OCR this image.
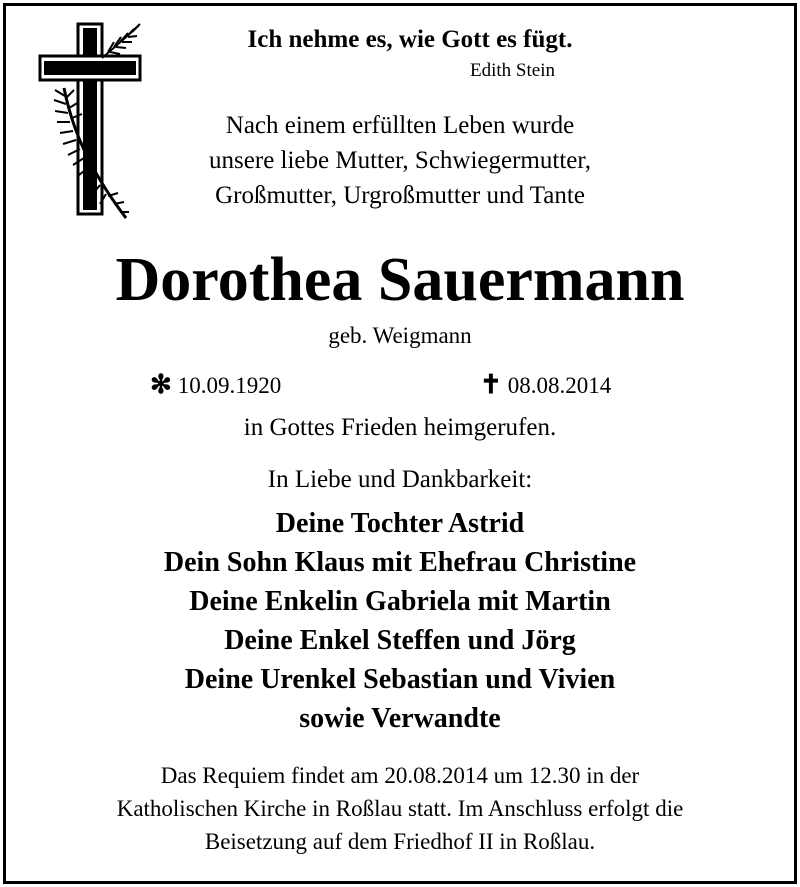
Ich nehme es, wie Gott es fügt.
Edith Stein
Nach einem erfüllten Leben wurde
unsere liebe Mutter, Schwiegermutter,
Großmutter, Urgroßmutter und Tante
Dorothea Sauermann
geb. Weigmann
✻ 10.09.1920	✝ 08.08.2014
in Gottes Frieden heimgerufen.
In Liebe und Dankbarkeit:
Deine Tochter Astrid
Dein Sohn Klaus mit Ehefrau Christine
Deine Enkelin Gabriela mit Martin
Deine Enkel Steffen und Jörg
Deine Urenkel Sebastian und Vivien
sowie Verwandte
Das Requiem findet am 20.08.2014 um 12.30 in der
Katholischen Kirche in Roßlau statt. Im Anschluss erfolgt die
Beisetzung auf dem Friedhof II in Roßlau.
